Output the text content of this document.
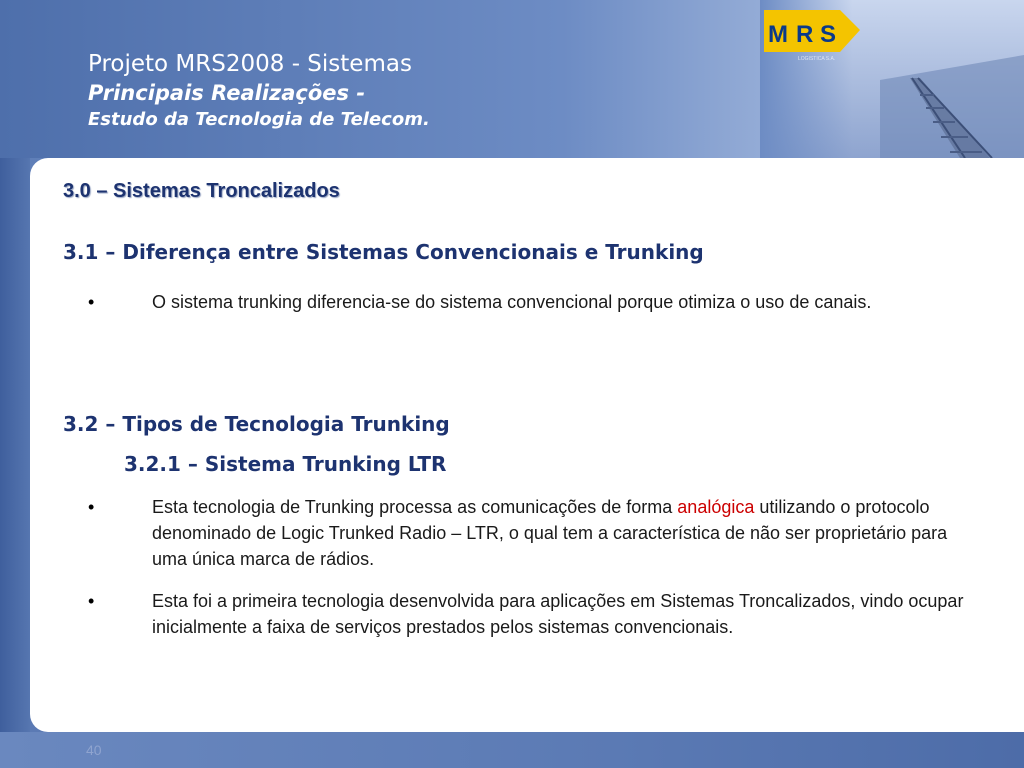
M R S
LOGISTICA S.A.
Projeto MRS2008 - Sistemas
Principais Realizações -
Estudo da Tecnologia de Telecom.
3.0 – Sistemas Troncalizados
3.1 – Diferença entre Sistemas Convencionais e Trunking
•	O sistema trunking diferencia-se do sistema convencional porque otimiza o uso de canais.
3.2 – Tipos de Tecnologia Trunking
3.2.1 – Sistema Trunking LTR
•	Esta tecnologia de Trunking processa as comunicações de forma analógica utilizando o protocolo denominado de Logic Trunked Radio – LTR, o qual tem a característica de não ser proprietário para uma única marca de rádios.
•	Esta foi a primeira tecnologia desenvolvida para aplicações em Sistemas Troncalizados, vindo ocupar inicialmente a faixa de serviços prestados pelos sistemas convencionais.
40
